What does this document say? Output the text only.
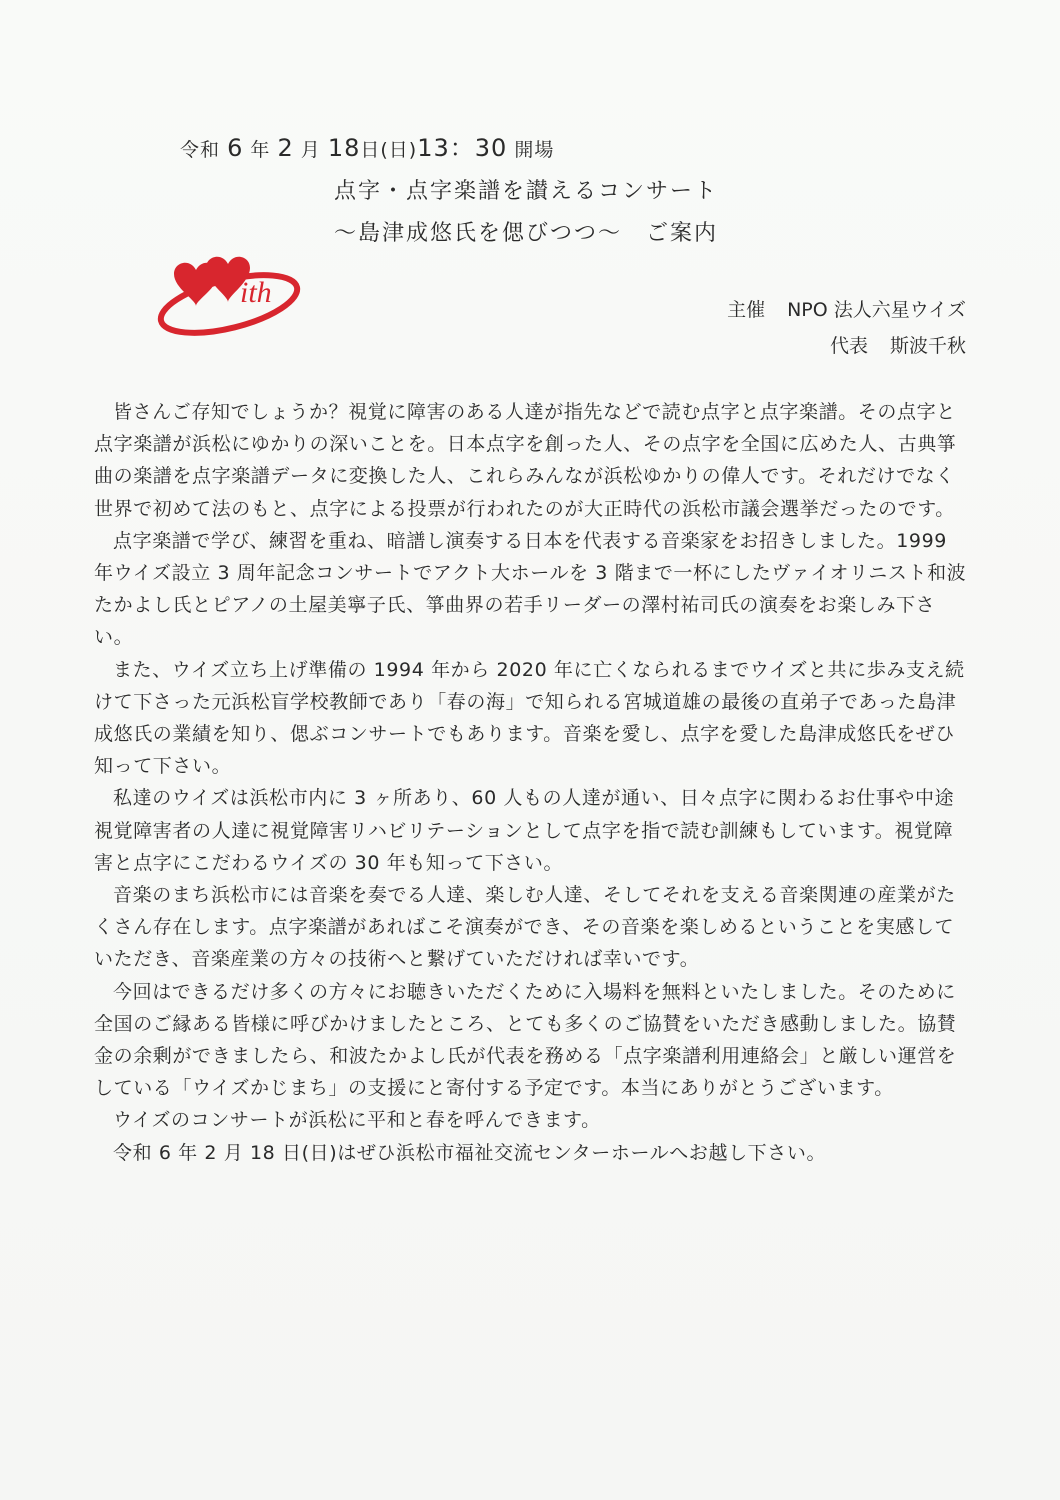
令和 6 年 2 月 18日(日)13：30 開場
点字・点字楽譜を讃えるコンサート
～島津成悠氏を偲びつつ～　ご案内
ith
主催 NPO 法人六星ウイズ
代表 斯波千秋

皆さんご存知でしょうか？視覚に障害のある人達が指先などで読む点字と点字楽譜。その点字と点字楽譜が浜松にゆかりの深いことを。日本点字を創った人、その点字を全国に広めた人、古典箏曲の楽譜を点字楽譜データに変換した人、これらみんなが浜松ゆかりの偉人です。それだけでなく世界で初めて法のもと、点字による投票が行われたのが大正時代の浜松市議会選挙だったのです。

点字楽譜で学び、練習を重ね、暗譜し演奏する日本を代表する音楽家をお招きしました。1999 年ウイズ設立 3 周年記念コンサートでアクト大ホールを 3 階まで一杯にしたヴァイオリニスト和波たかよし氏とピアノの土屋美寧子氏、箏曲界の若手リーダーの澤村祐司氏の演奏をお楽しみ下さい。

また、ウイズ立ち上げ準備の 1994 年から 2020 年に亡くなられるまでウイズと共に歩み支え続けて下さった元浜松盲学校教師であり「春の海」で知られる宮城道雄の最後の直弟子であった島津成悠氏の業績を知り、偲ぶコンサートでもあります。音楽を愛し、点字を愛した島津成悠氏をぜひ知って下さい。

私達のウイズは浜松市内に 3 ヶ所あり、60 人もの人達が通い、日々点字に関わるお仕事や中途視覚障害者の人達に視覚障害リハビリテーションとして点字を指で読む訓練もしています。視覚障害と点字にこだわるウイズの 30 年も知って下さい。

音楽のまち浜松市には音楽を奏でる人達、楽しむ人達、そしてそれを支える音楽関連の産業がたくさん存在します。点字楽譜があればこそ演奏ができ、その音楽を楽しめるということを実感していただき、音楽産業の方々の技術へと繋げていただければ幸いです。

今回はできるだけ多くの方々にお聴きいただくために入場料を無料といたしました。そのために全国のご縁ある皆様に呼びかけましたところ、とても多くのご協賛をいただき感動しました。協賛金の余剰ができましたら、和波たかよし氏が代表を務める「点字楽譜利用連絡会」と厳しい運営をしている「ウイズかじまち」の支援にと寄付する予定です。本当にありがとうございます。

ウイズのコンサートが浜松に平和と春を呼んできます。

令和 6 年 2 月 18 日(日)はぜひ浜松市福祉交流センターホールへお越し下さい。
